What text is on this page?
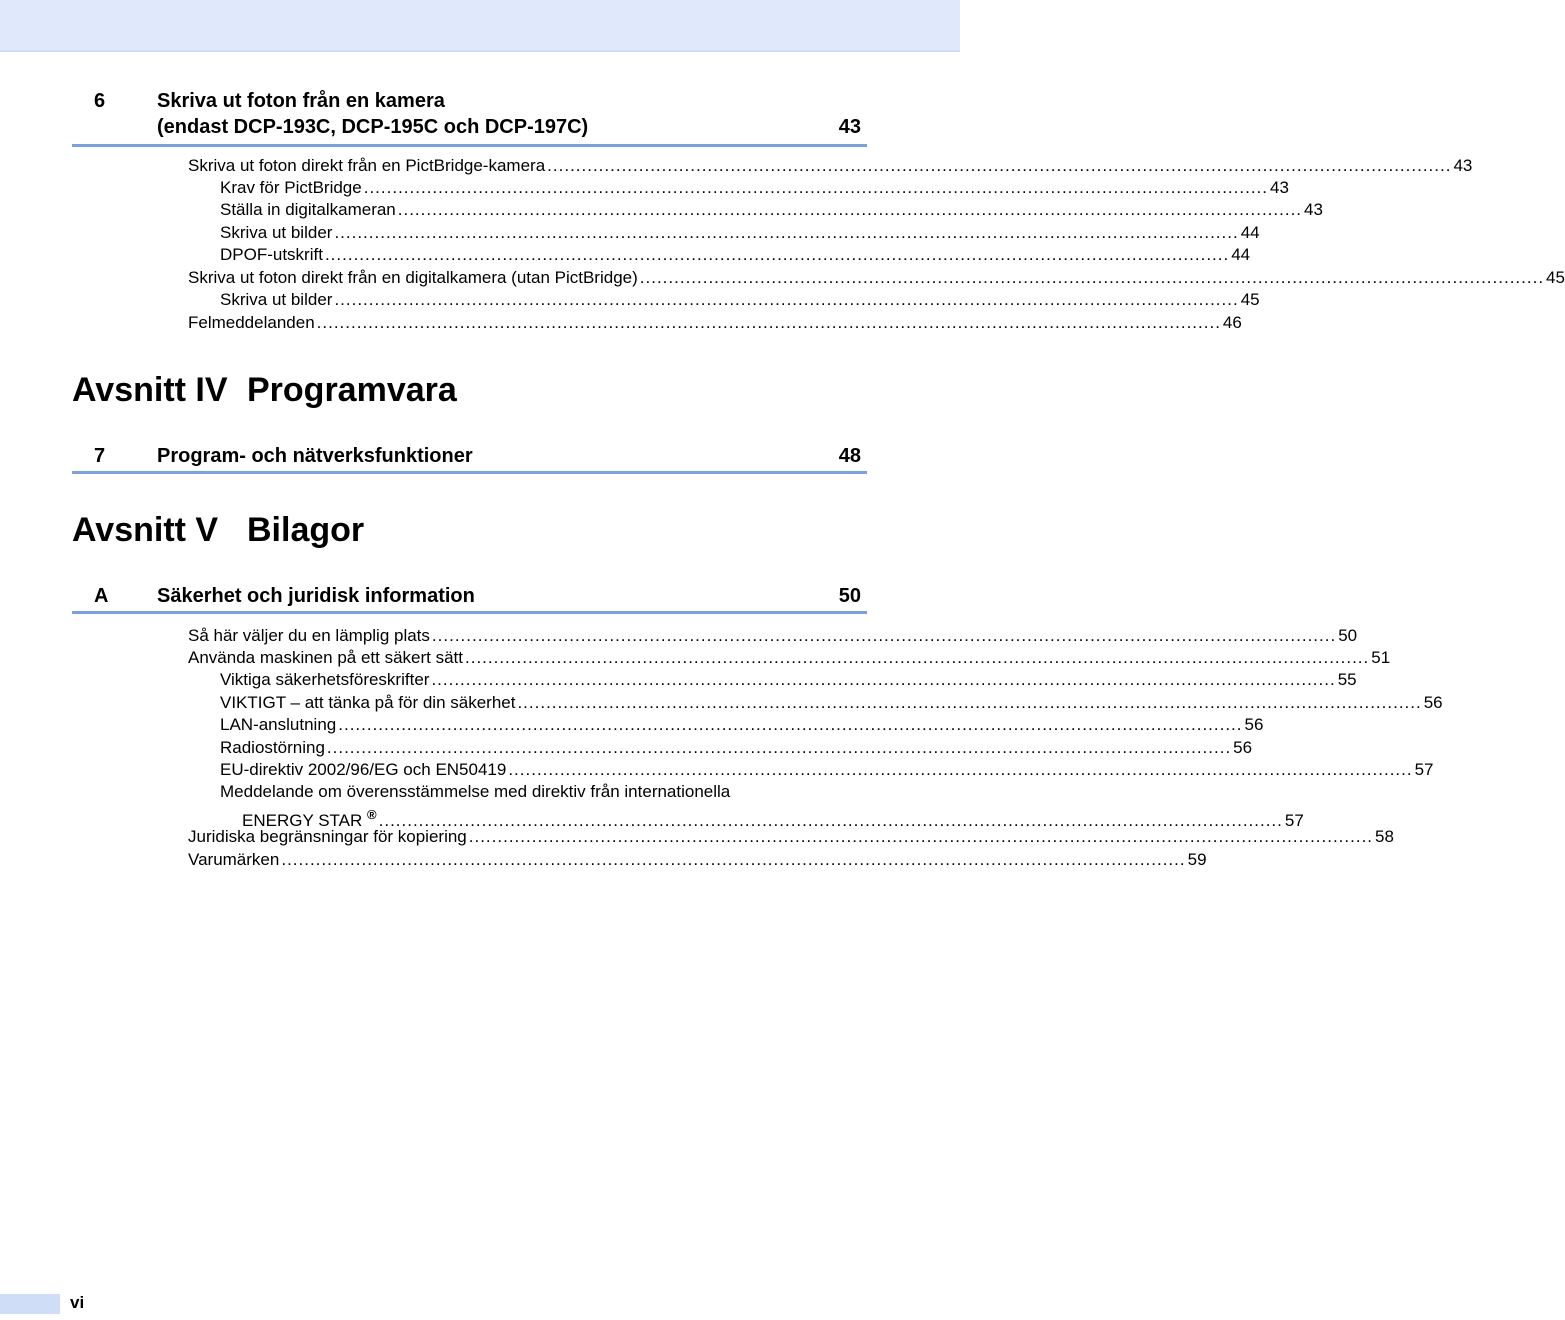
6	Skriva ut foton från en kamera
(endast DCP-193C, DCP-195C och DCP-197C)	43
Skriva ut foton direkt från en PictBridge-kamera .............................................................................................................................................................. 43
Krav för PictBridge .............................................................................................................................................................. 43
Ställa in digitalkameran .............................................................................................................................................................. 43
Skriva ut bilder .............................................................................................................................................................. 44
DPOF-utskrift .............................................................................................................................................................. 44
Skriva ut foton direkt från en digitalkamera (utan PictBridge) .............................................................................................................................................................. 45
Skriva ut bilder .............................................................................................................................................................. 45
Felmeddelanden .............................................................................................................................................................. 46
Avsnitt IV Programvara
7	Program- och nätverksfunktioner	48
Avsnitt V Bilagor
A Säkerhet och juridisk information	50
Så här väljer du en lämplig plats .............................................................................................................................................................. 50
Använda maskinen på ett säkert sätt .............................................................................................................................................................. 51
Viktiga säkerhetsföreskrifter .............................................................................................................................................................. 55
VIKTIGT – att tänka på för din säkerhet .............................................................................................................................................................. 56
LAN-anslutning .............................................................................................................................................................. 56
Radiostörning .............................................................................................................................................................. 56
EU-direktiv 2002/96/EG och EN50419 .............................................................................................................................................................. 57
Meddelande om överensstämmelse med direktiv från internationella
ENERGY STAR ® .............................................................................................................................................................. 57
Juridiska begränsningar för kopiering .............................................................................................................................................................. 58
Varumärken .............................................................................................................................................................. 59
vi
